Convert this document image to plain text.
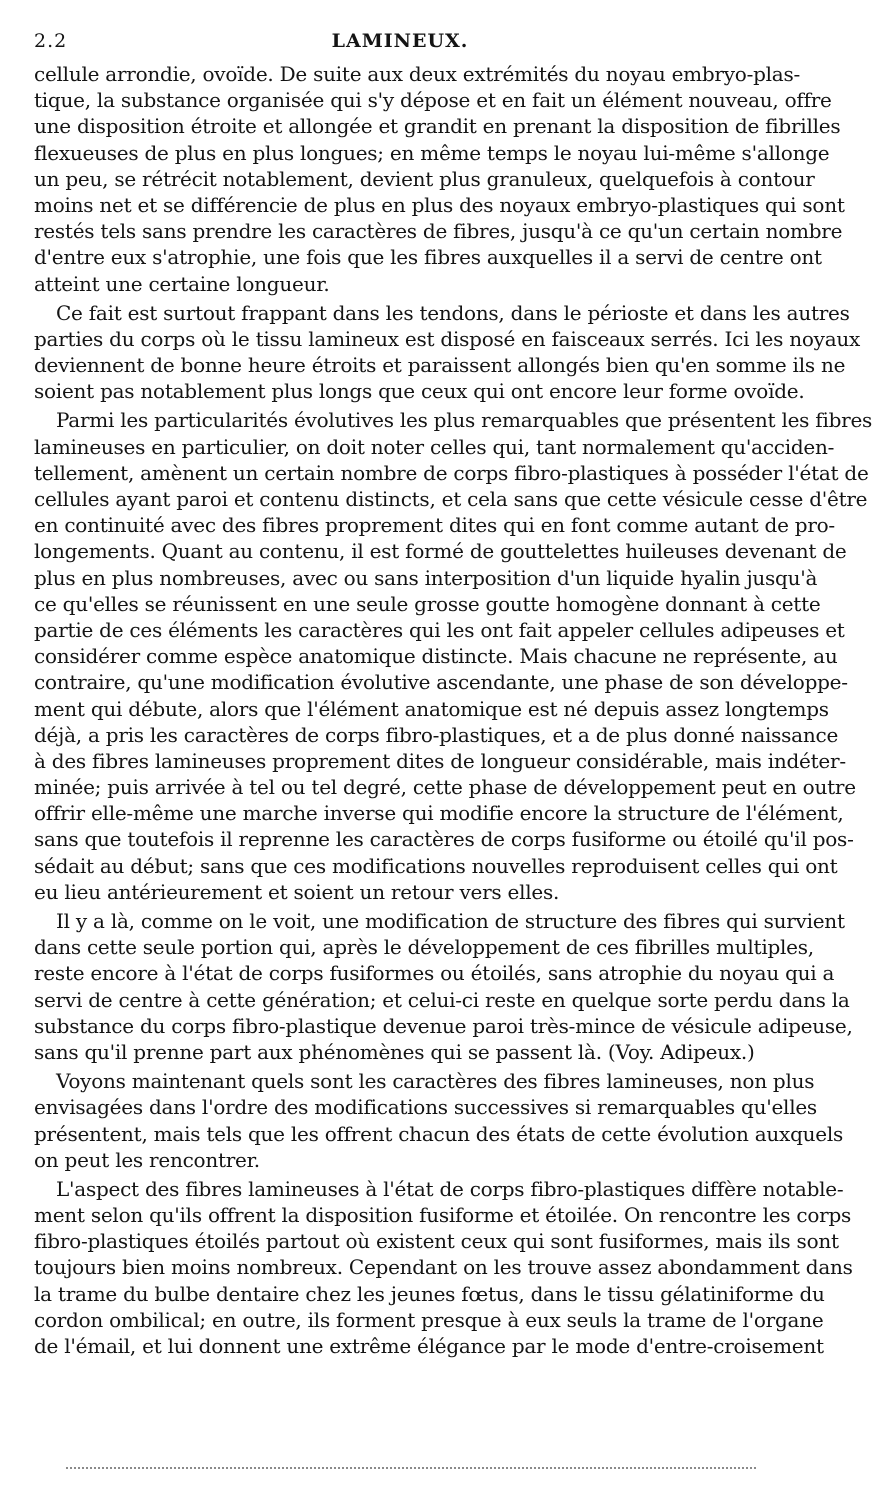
2.2	LAMINEUX.
cellule arrondie, ovoïde. De suite aux deux extrémités du noyau embryo-plas-
tique, la substance organisée qui s'y dépose et en fait un élément nouveau, offre
une disposition étroite et allongée et grandit en prenant la disposition de fibrilles
flexueuses de plus en plus longues; en même temps le noyau lui-même s'allonge
un peu, se rétrécit notablement, devient plus granuleux, quelquefois à contour
moins net et se différencie de plus en plus des noyaux embryo-plastiques qui sont
restés tels sans prendre les caractères de fibres, jusqu'à ce qu'un certain nombre
d'entre eux s'atrophie, une fois que les fibres auxquelles il a servi de centre ont
atteint une certaine longueur.
Ce fait est surtout frappant dans les tendons, dans le périoste et dans les autres
parties du corps où le tissu lamineux est disposé en faisceaux serrés. Ici les noyaux
deviennent de bonne heure étroits et paraissent allongés bien qu'en somme ils ne
soient pas notablement plus longs que ceux qui ont encore leur forme ovoïde.
Parmi les particularités évolutives les plus remarquables que présentent les fibres
lamineuses en particulier, on doit noter celles qui, tant normalement qu'acciden-
tellement, amènent un certain nombre de corps fibro-plastiques à posséder l'état de
cellules ayant paroi et contenu distincts, et cela sans que cette vésicule cesse d'être
en continuité avec des fibres proprement dites qui en font comme autant de pro-
longements. Quant au contenu, il est formé de gouttelettes huileuses devenant de
plus en plus nombreuses, avec ou sans interposition d'un liquide hyalin jusqu'à
ce qu'elles se réunissent en une seule grosse goutte homogène donnant à cette
partie de ces éléments les caractères qui les ont fait appeler cellules adipeuses et
considérer comme espèce anatomique distincte. Mais chacune ne représente, au
contraire, qu'une modification évolutive ascendante, une phase de son développe-
ment qui débute, alors que l'élément anatomique est né depuis assez longtemps
déjà, a pris les caractères de corps fibro-plastiques, et a de plus donné naissance
à des fibres lamineuses proprement dites de longueur considérable, mais indéter-
minée; puis arrivée à tel ou tel degré, cette phase de développement peut en outre
offrir elle-même une marche inverse qui modifie encore la structure de l'élément,
sans que toutefois il reprenne les caractères de corps fusiforme ou étoilé qu'il pos-
sédait au début; sans que ces modifications nouvelles reproduisent celles qui ont
eu lieu antérieurement et soient un retour vers elles.
Il y a là, comme on le voit, une modification de structure des fibres qui survient
dans cette seule portion qui, après le développement de ces fibrilles multiples,
reste encore à l'état de corps fusiformes ou étoilés, sans atrophie du noyau qui a
servi de centre à cette génération; et celui-ci reste en quelque sorte perdu dans la
substance du corps fibro-plastique devenue paroi très-mince de vésicule adipeuse,
sans qu'il prenne part aux phénomènes qui se passent là. (Voy. Adipeux.)
Voyons maintenant quels sont les caractères des fibres lamineuses, non plus
envisagées dans l'ordre des modifications successives si remarquables qu'elles
présentent, mais tels que les offrent chacun des états de cette évolution auxquels
on peut les rencontrer.
L'aspect des fibres lamineuses à l'état de corps fibro-plastiques diffère notable-
ment selon qu'ils offrent la disposition fusiforme et étoilée. On rencontre les corps
fibro-plastiques étoilés partout où existent ceux qui sont fusiformes, mais ils sont
toujours bien moins nombreux. Cependant on les trouve assez abondamment dans
la trame du bulbe dentaire chez les jeunes fœtus, dans le tissu gélatiniforme du
cordon ombilical; en outre, ils forment presque à eux seuls la trame de l'organe
de l'émail, et lui donnent une extrême élégance par le mode d'entre-croisement
